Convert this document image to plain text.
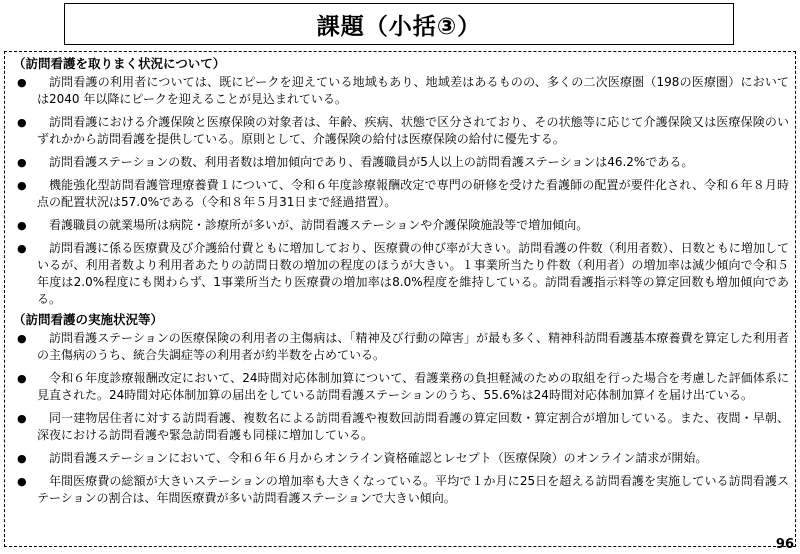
課題（小括③）
（訪問看護を取りまく状況について）
●	訪問看護の利用者については、既にピークを迎えている地域もあり、地域差はあるものの、多くの二次医療圏（198の医療圏）においては2040 年以降にピークを迎えることが見込まれている。
●	訪問看護における介護保険と医療保険の対象者は、年齢、疾病、状態で区分されており、その状態等に応じて介護保険又は医療保険のいずれかから訪問看護を提供している。原則として、介護保険の給付は医療保険の給付に優先する。
●	訪問看護ステーションの数、利用者数は増加傾向であり、看護職員が5人以上の訪問看護ステーションは46.2%である。
●	機能強化型訪問看護管理療養費１について、令和６年度診療報酬改定で専門の研修を受けた看護師の配置が要件化され、令和６年８月時点の配置状況は57.0%である（令和８年５月31日まで経過措置）。
●	看護職員の就業場所は病院・診療所が多いが、訪問看護ステーションや介護保険施設等で増加傾向。
●	訪問看護に係る医療費及び介護給付費ともに増加しており、医療費の伸び率が大きい。訪問看護の件数（利用者数）、日数ともに増加しているが、利用者数より利用者あたりの訪問日数の増加の程度のほうが大きい。１事業所当たり件数（利用者）の増加率は減少傾向で令和５年度は2.0%程度にも関わらず、1事業所当たり医療費の増加率は8.0%程度を維持している。訪問看護指示料等の算定回数も増加傾向である。
（訪問看護の実施状況等）
●	訪問看護ステーションの医療保険の利用者の主傷病は、「精神及び行動の障害」が最も多く、精神科訪問看護基本療養費を算定した利用者の主傷病のうち、統合失調症等の利用者が約半数を占めている。
●	令和６年度診療報酬改定において、24時間対応体制加算について、看護業務の負担軽減のための取組を行った場合を考慮した評価体系に見直された。24時間対応体制加算の届出をしている訪問看護ステーションのうち、55.6%は24時間対応体制加算イを届け出ている。
●	同一建物居住者に対する訪問看護、複数名による訪問看護や複数回訪問看護の算定回数・算定割合が増加している。また、夜間・早朝、深夜における訪問看護や緊急訪問看護も同様に増加している。
●	訪問看護ステーションにおいて、令和６年６月からオンライン資格確認とレセプト（医療保険）のオンライン請求が開始。
●	年間医療費の総額が大きいステーションの増加率も大きくなっている。平均で１か月に25日を超える訪問看護を実施している訪問看護ステーションの割合は、年間医療費が多い訪問看護ステーションで大きい傾向。
96
